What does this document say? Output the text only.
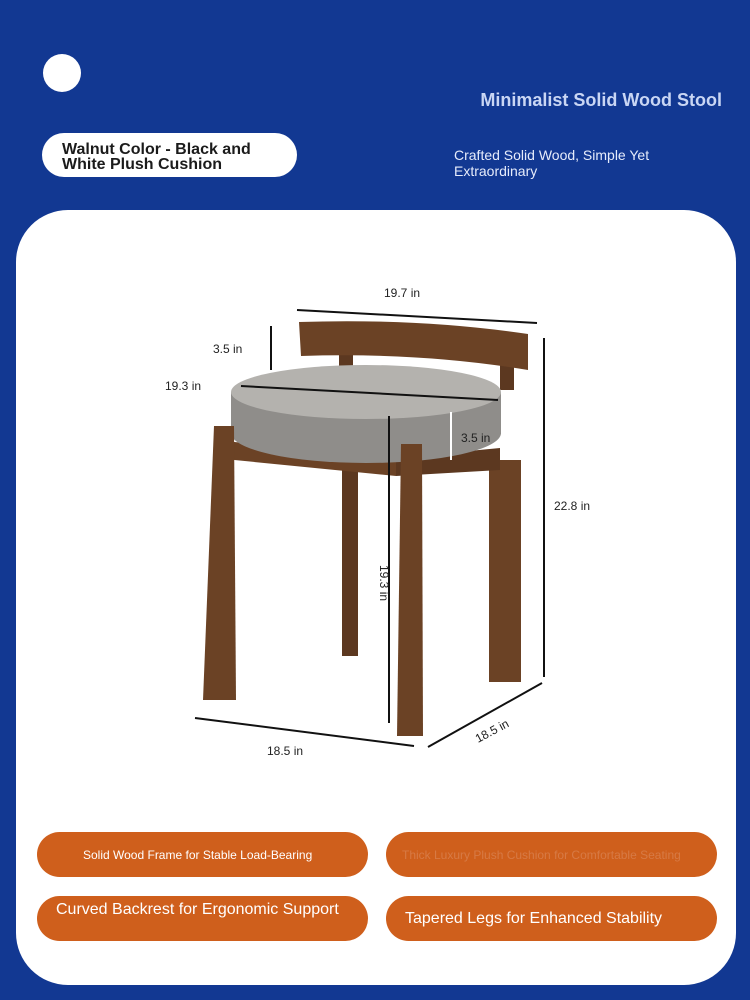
Minimalist Solid Wood Stool
Walnut Color - Black and White Plush Cushion
Crafted Solid Wood, Simple Yet Extraordinary
19.7 in
3.5 in
19.3 in
3.5 in
22.8 in
19.3 in
18.5 in
18.5 in
Solid Wood Frame for Stable Load-Bearing	Thick Luxury Plush Cushion for Comfortable Seating
Curved Backrest for Ergonomic Support
Tapered Legs for Enhanced Stability
